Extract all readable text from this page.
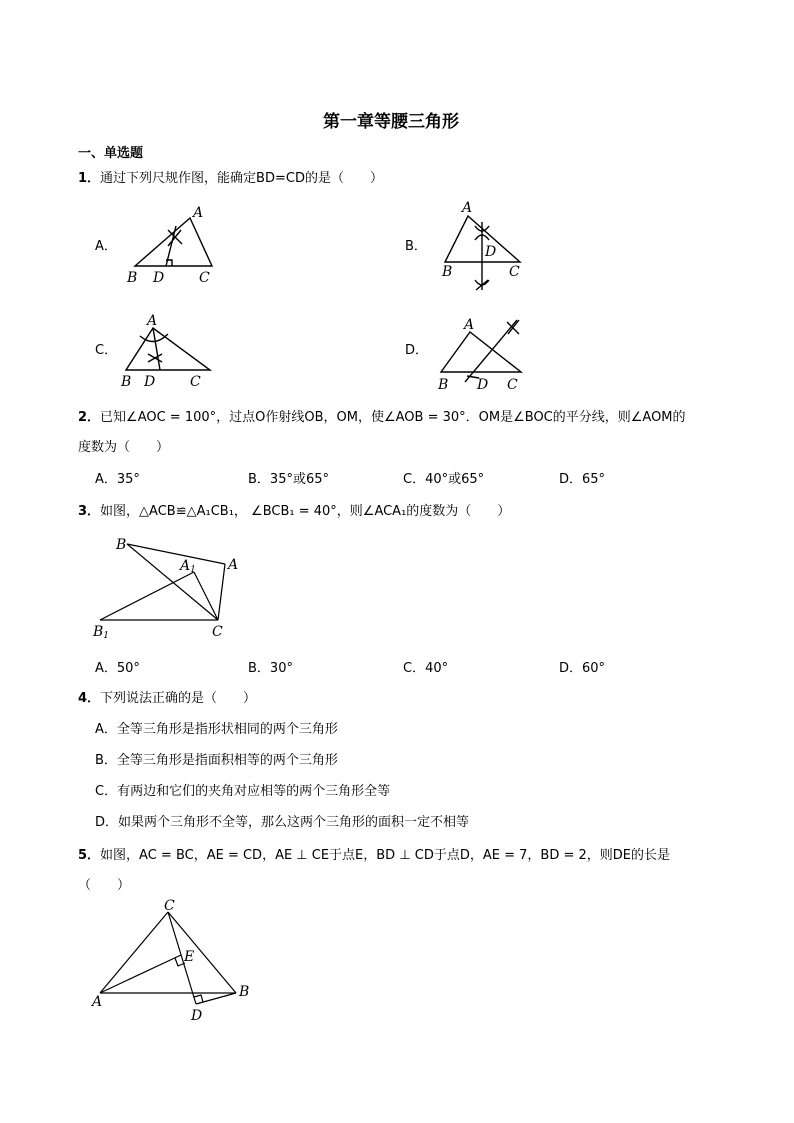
第一章等腰三角形
一、单选题
1．通过下列尺规作图，能确定BD=CD的是（　　）
A．	B．
C．	D．
A
B D C
A
B
D
C
A
B D C
A
B D C
2．已知∠AOC = 100°，过点O作射线OB，OM，使∠AOB = 30°．OM是∠BOC的平分线，则∠AOM的
度数为（　　）
A．35°	B．35°或65°	C．40°或65°	D．65°
3．如图，△ACB≌△A₁CB₁， ∠BCB₁ = 40°，则∠ACA₁的度数为（　　）
B
A1 A
B1	C
A．50°	B．30°	C．40°	D．60°
4．下列说法正确的是（　　）
A．全等三角形是指形状相同的两个三角形
B．全等三角形是指面积相等的两个三角形
C．有两边和它们的夹角对应相等的两个三角形全等
D．如果两个三角形不全等，那么这两个三角形的面积一定不相等
5．如图，AC = BC，AE = CD，AE ⊥ CE于点E，BD ⊥ CD于点D，AE = 7，BD = 2，则DE的长是
（　　）
C
E
A
B
D
